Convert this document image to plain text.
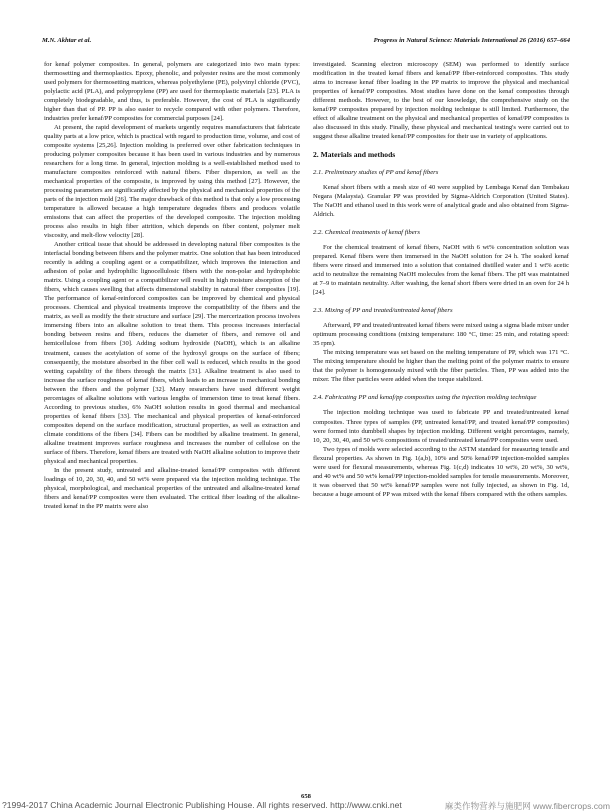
M.N. Akhtar et al.	Progress in Natural Science: Materials International 26 (2016) 657–664

for kenaf polymer composites. In general, polymers are categorized into two main types: thermosetting and thermoplastics. Epoxy, phenolic, and polyester resins are the most commonly used polymers for thermosetting matrices, whereas polyethylene (PE), polyvinyl chloride (PVC), polylactic acid (PLA), and polypropylene (PP) are used for thermoplastic materials [23]. PLA is completely biodegradable, and thus, is preferable. However, the cost of PLA is significantly higher than that of PP. PP is also easier to recycle compared with other polymers. Therefore, industries prefer kenaf/PP composites for commercial purposes [24].

At present, the rapid development of markets urgently requires manufacturers that fabricate quality parts at a low price, which is practical with regard to production time, volume, and cost of composite systems [25,26]. Injection molding is preferred over other fabrication techniques in producing polymer composites because it has been used in various industries and by numerous researchers for a long time. In general, injection molding is a well-established method used to manufacture composites reinforced with natural fibers. Fiber dispersion, as well as the mechanical properties of the composite, is improved by using this method [27]. However, the processing parameters are significantly affected by the physical and mechanical properties of the parts of the injection mold [26]. The major drawback of this method is that only a low processing temperature is allowed because a high temperature degrades fibers and produces volatile emissions that can affect the properties of the developed composite. The injection molding process also results in high fiber attrition, which depends on fiber content, polymer melt viscosity, and melt-flow velocity [28].

Another critical issue that should be addressed in developing natural fiber composites is the interfacial bonding between fibers and the polymer matrix. One solution that has been introduced recently is adding a coupling agent or a compatibilizer, which improves the interaction and adhesion of polar and hydrophilic lignocellulosic fibers with the non-polar and hydrophobic matrix. Using a coupling agent or a compatibilizer will result in high moisture absorption of the fibers, which causes swelling that affects dimensional stability in natural fiber composites [19]. The performance of kenaf-reinforced composites can be improved by chemical and physical processes. Chemical and physical treatments improve the compatibility of the fibers and the matrix, as well as modify the their structure and surface [29]. The mercerization process involves immersing fibers into an alkaline solution to treat them. This process increases interfacial bonding between resins and fibers, reduces the diameter of fibers, and remove oil and hemicellulose from fibers [30]. Adding sodium hydroxide (NaOH), which is an alkaline treatment, causes the acetylation of some of the hydroxyl groups on the surface of fibers; consequently, the moisture absorbed in the fiber cell wall is reduced, which results in the good wetting capability of the fibers through the matrix [31]. Alkaline treatment is also used to increase the surface roughness of kenaf fibers, which leads to an increase in mechanical bonding between the fibers and the polymer [32]. Many researchers have used different weight percentages of alkaline solutions with various lengths of immersion time to treat kenaf fibers. According to previous studies, 6% NaOH solution results in good thermal and mechanical properties of kenaf fibers [33]. The mechanical and physical properties of kenaf-reinforced composites depend on the surface modification, structural properties, as well as extraction and climate conditions of the fibers [34]. Fibers can be modified by alkaline treatment. In general, alkaline treatment improves surface roughness and increases the number of cellulose on the surface of fibers. Therefore, kenaf fibers are treated with NaOH alkaline solution to improve their physical and mechanical properties.

In the present study, untreated and alkaline-treated kenaf/PP composites with different loadings of 10, 20, 30, 40, and 50 wt% were prepared via the injection molding technique. The physical, morphological, and mechanical properties of the untreated and alkaline-treated kenaf fibers and kenaf/PP composites were then evaluated. The critical fiber loading of the alkaline-treated kenaf in the PP matrix were also

investigated. Scanning electron microscopy (SEM) was performed to identify surface modification in the treated kenaf fibers and kenaf/PP fiber-reinforced composites. This study aims to increase kenaf fiber loading in the PP matrix to improve the physical and mechanical properties of kenaf/PP composites. Most studies have done on the kenaf composites through different methods. However, to the best of our knowledge, the comprehensive study on the kenaf/PP composites prepared by injection molding technique is still limited. Furthermore, the effect of alkaline treatment on the physical and mechanical properties of kenaf/PP composites is also discussed in this study. Finally, these physical and mechanical testing's were carried out to suggest these alkaline treated kenaf/PP composites for their use in variety of applications.

2. Materials and methods
2.1. Preliminary studies of PP and kenaf fibers

Kenaf short fibers with a mesh size of 40 were supplied by Lembaga Kenaf dan Tembakau Negara (Malaysia). Granular PP was provided by Sigma-Aldrich Corporation (United States). The NaOH and ethanol used in this work were of analytical grade and also obtained from Sigma-Aldrich.

2.2. Chemical treatments of kenaf fibers

For the chemical treatment of kenaf fibers, NaOH with 6 wt% concentration solution was prepared. Kenaf fibers were then immersed in the NaOH solution for 24 h. The soaked kenaf fibers were rinsed and immersed into a solution that contained distilled water and 1 wt% acetic acid to neutralize the remaining NaOH molecules from the kenaf fibers. The pH was maintained at 7–9 to maintain neutrality. After washing, the kenaf short fibers were dried in an oven for 24 h [24].

2.3. Mixing of PP and treated/untreated kenaf fibers

Afterward, PP and treated/untreated kenaf fibers were mixed using a sigma blade mixer under optimum processing conditions (mixing temperature: 180 °C, time: 25 min, and rotating speed: 35 rpm).

The mixing temperature was set based on the melting temperature of PP, which was 171 °C. The mixing temperature should be higher than the melting point of the polymer matrix to ensure that the polymer is homogenously mixed with the fiber particles. Then, PP was added into the mixer. The fiber particles were added when the torque stabilized.

2.4. Fabricating PP and kenaf/pp composites using the injection molding technique

The injection molding technique was used to fabricate PP and treated/untreated kenaf composites. Three types of samples (PP, untreated kenaf/PP, and treated kenaf/PP composites) were formed into dumbbell shapes by injection molding. Different weight percentages, namely, 10, 20, 30, 40, and 50 wt% compositions of treated/untreated kenaf/PP composites were used.

Two types of molds were selected according to the ASTM standard for measuring tensile and flexural properties. As shown in Fig. 1(a,b), 10% and 50% kenaf/PP injection-molded samples were used for flexural measurements, whereas Fig. 1(c,d) indicates 10 wt%, 20 wt%, 30 wt%, and 40 wt% and 50 wt% kenaf/PP injection-molded samples for tensile measurements. Moreover, it was observed that 50 wt% kenaf/PP samples were not fully injected, as shown in Fig. 1d, because a huge amount of PP was mixed with the kenaf fibers compared with the others samples.

658
?1994-2017 China Academic Journal Electronic Publishing House. All rights reserved. http://www.cnki.net	麻类作物营养与施肥网 www.fibercrops.com
